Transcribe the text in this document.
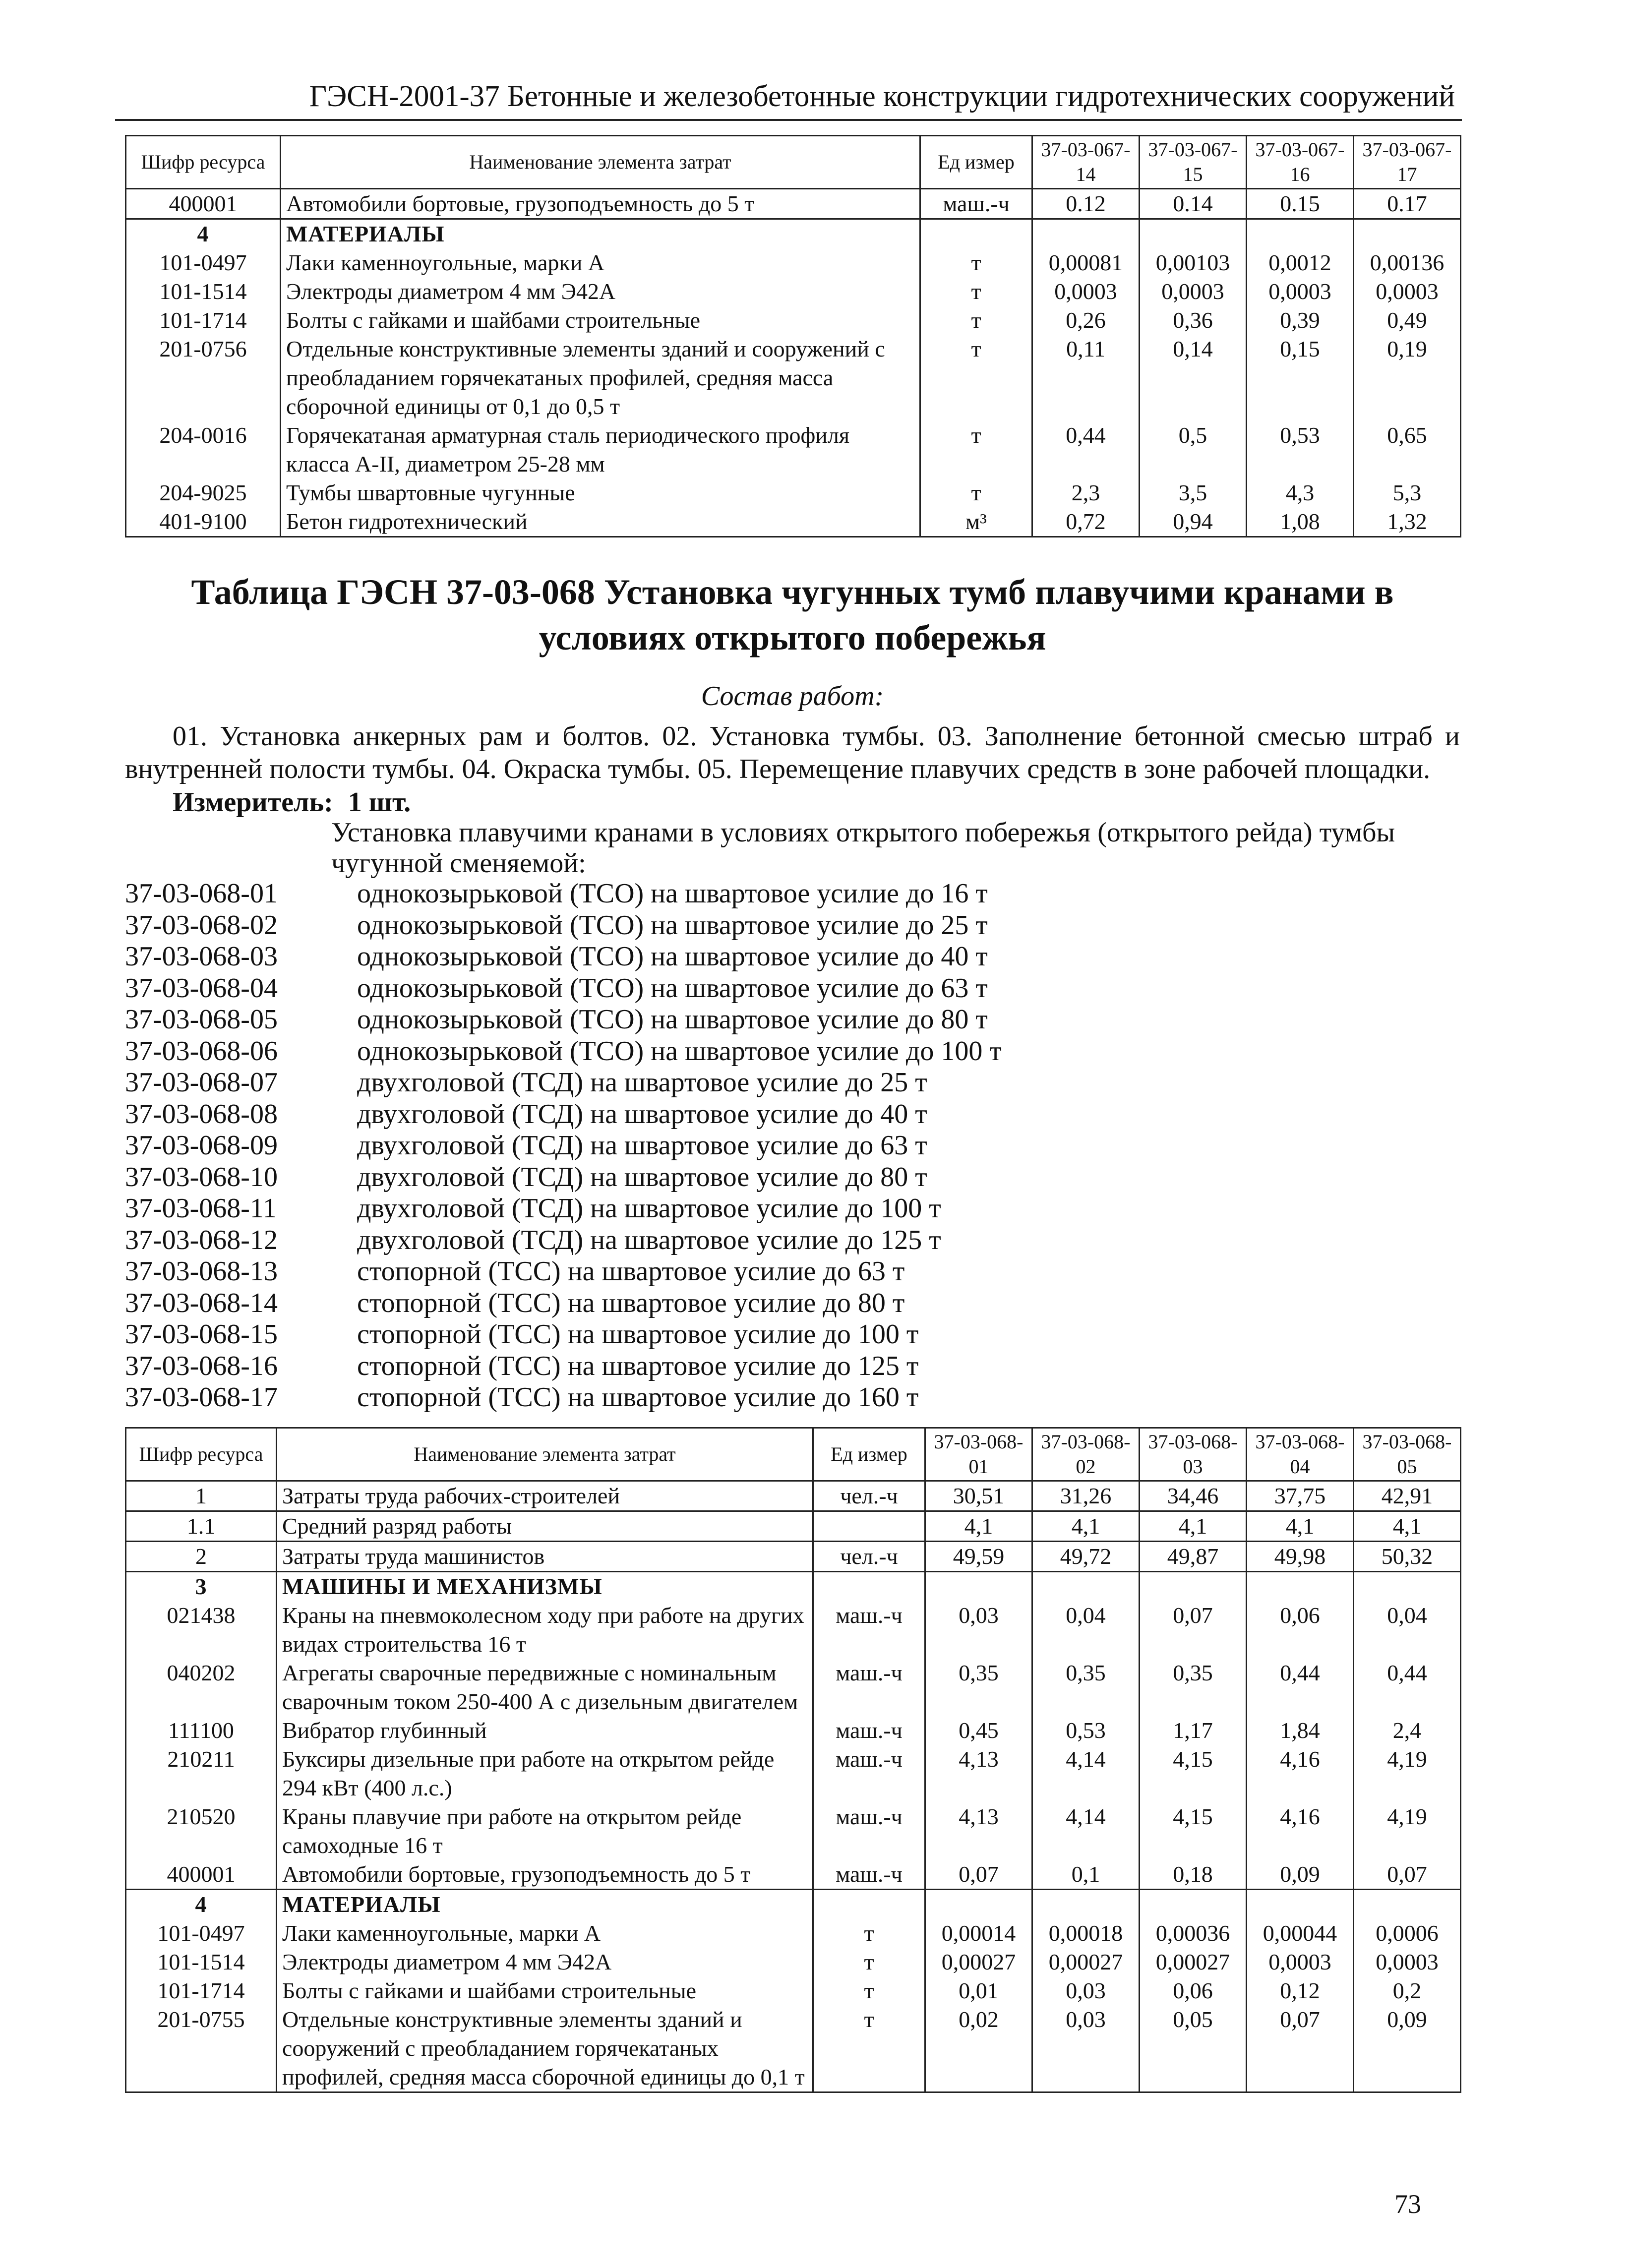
ГЭСН-2001-37 Бетонные и железобетонные конструкции гидротехнических сооружений
Шифр ресурса	Наименование элемента затрат	Ед измер	37-03-067-14	37-03-067-15	37-03-067-16	37-03-067-17
400001	Автомобили бортовые, грузоподъемность до 5 т	маш.-ч	0.12	0.14	0.15	0.17
4	МАТЕРИАЛЫ					
101-0497	Лаки каменноугольные, марки А	т	0,00081	0,00103	0,0012	0,00136
101-1514	Электроды диаметром 4 мм Э42А	т	0,0003	0,0003	0,0003	0,0003
101-1714	Болты с гайками и шайбами строительные	т	0,26	0,36	0,39	0,49
201-0756	Отдельные конструктивные элементы зданий и сооружений с преобладанием горячекатаных профилей, средняя масса сборочной единицы от 0,1 до 0,5 т	т	0,11	0,14	0,15	0,19
204-0016	Горячекатаная арматурная сталь периодического профиля класса А-II, диаметром 25-28 мм	т	0,44	0,5	0,53	0,65
204-9025	Тумбы швартовные чугунные	т	2,3	3,5	4,3	5,3
401-9100	Бетон гидротехнический	м³	0,72	0,94	1,08	1,32
Таблица ГЭСН 37-03-068 Установка чугунных тумб плавучими кранами в условиях открытого побережья
Состав работ:
01. Установка анкерных рам и болтов. 02. Установка тумбы. 03. Заполнение бетонной смесью штраб и внутренней полости тумбы. 04. Окраска тумбы. 05. Перемещение плавучих средств в зоне рабочей площадки.
Измеритель: 1 шт.
Установка плавучими кранами в условиях открытого побережья (открытого рейда) тумбы чугунной сменяемой:
37-03-068-01	однокозырьковой (ТСО) на швартовое усилие до 16 т
37-03-068-02	однокозырьковой (ТСО) на швартовое усилие до 25 т
37-03-068-03	однокозырьковой (ТСО) на швартовое усилие до 40 т
37-03-068-04	однокозырьковой (ТСО) на швартовое усилие до 63 т
37-03-068-05	однокозырьковой (ТСО) на швартовое усилие до 80 т
37-03-068-06	однокозырьковой (ТСО) на швартовое усилие до 100 т
37-03-068-07	двухголовой (ТСД) на швартовое усилие до 25 т
37-03-068-08	двухголовой (ТСД) на швартовое усилие до 40 т
37-03-068-09	двухголовой (ТСД) на швартовое усилие до 63 т
37-03-068-10	двухголовой (ТСД) на швартовое усилие до 80 т
37-03-068-11	двухголовой (ТСД) на швартовое усилие до 100 т
37-03-068-12	двухголовой (ТСД) на швартовое усилие до 125 т
37-03-068-13	стопорной (ТСС) на швартовое усилие до 63 т
37-03-068-14	стопорной (ТСС) на швартовое усилие до 80 т
37-03-068-15	стопорной (ТСС) на швартовое усилие до 100 т
37-03-068-16	стопорной (ТСС) на швартовое усилие до 125 т
37-03-068-17	стопорной (ТСС) на швартовое усилие до 160 т
Шифр ресурса	Наименование элемента затрат	Ед измер	37-03-068-01	37-03-068-02	37-03-068-03	37-03-068-04	37-03-068-05
1	Затраты труда рабочих-строителей	чел.-ч	30,51	31,26	34,46	37,75	42,91
1.1	Средний разряд работы		4,1	4,1	4,1	4,1	4,1
2	Затраты труда машинистов	чел.-ч	49,59	49,72	49,87	49,98	50,32
3	МАШИНЫ И МЕХАНИЗМЫ						
021438	Краны на пневмоколесном ходу при работе на других видах строительства 16 т	маш.-ч	0,03	0,04	0,07	0,06	0,04
040202	Агрегаты сварочные передвижные с номинальным сварочным током 250-400 А с дизельным двигателем	маш.-ч	0,35	0,35	0,35	0,44	0,44
111100	Вибратор глубинный	маш.-ч	0,45	0,53	1,17	1,84	2,4
210211	Буксиры дизельные при работе на открытом рейде 294 кВт (400 л.с.)	маш.-ч	4,13	4,14	4,15	4,16	4,19
210520	Краны плавучие при работе на открытом рейде самоходные 16 т	маш.-ч	4,13	4,14	4,15	4,16	4,19
400001	Автомобили бортовые, грузоподъемность до 5 т	маш.-ч	0,07	0,1	0,18	0,09	0,07
4	МАТЕРИАЛЫ						
101-0497	Лаки каменноугольные, марки А	т	0,00014	0,00018	0,00036	0,00044	0,0006
101-1514	Электроды диаметром 4 мм Э42А	т	0,00027	0,00027	0,00027	0,0003	0,0003
101-1714	Болты с гайками и шайбами строительные	т	0,01	0,03	0,06	0,12	0,2
201-0755	Отдельные конструктивные элементы зданий и сооружений с преобладанием горячекатаных профилей, средняя масса сборочной единицы до 0,1 т	т	0,02	0,03	0,05	0,07	0,09
73
